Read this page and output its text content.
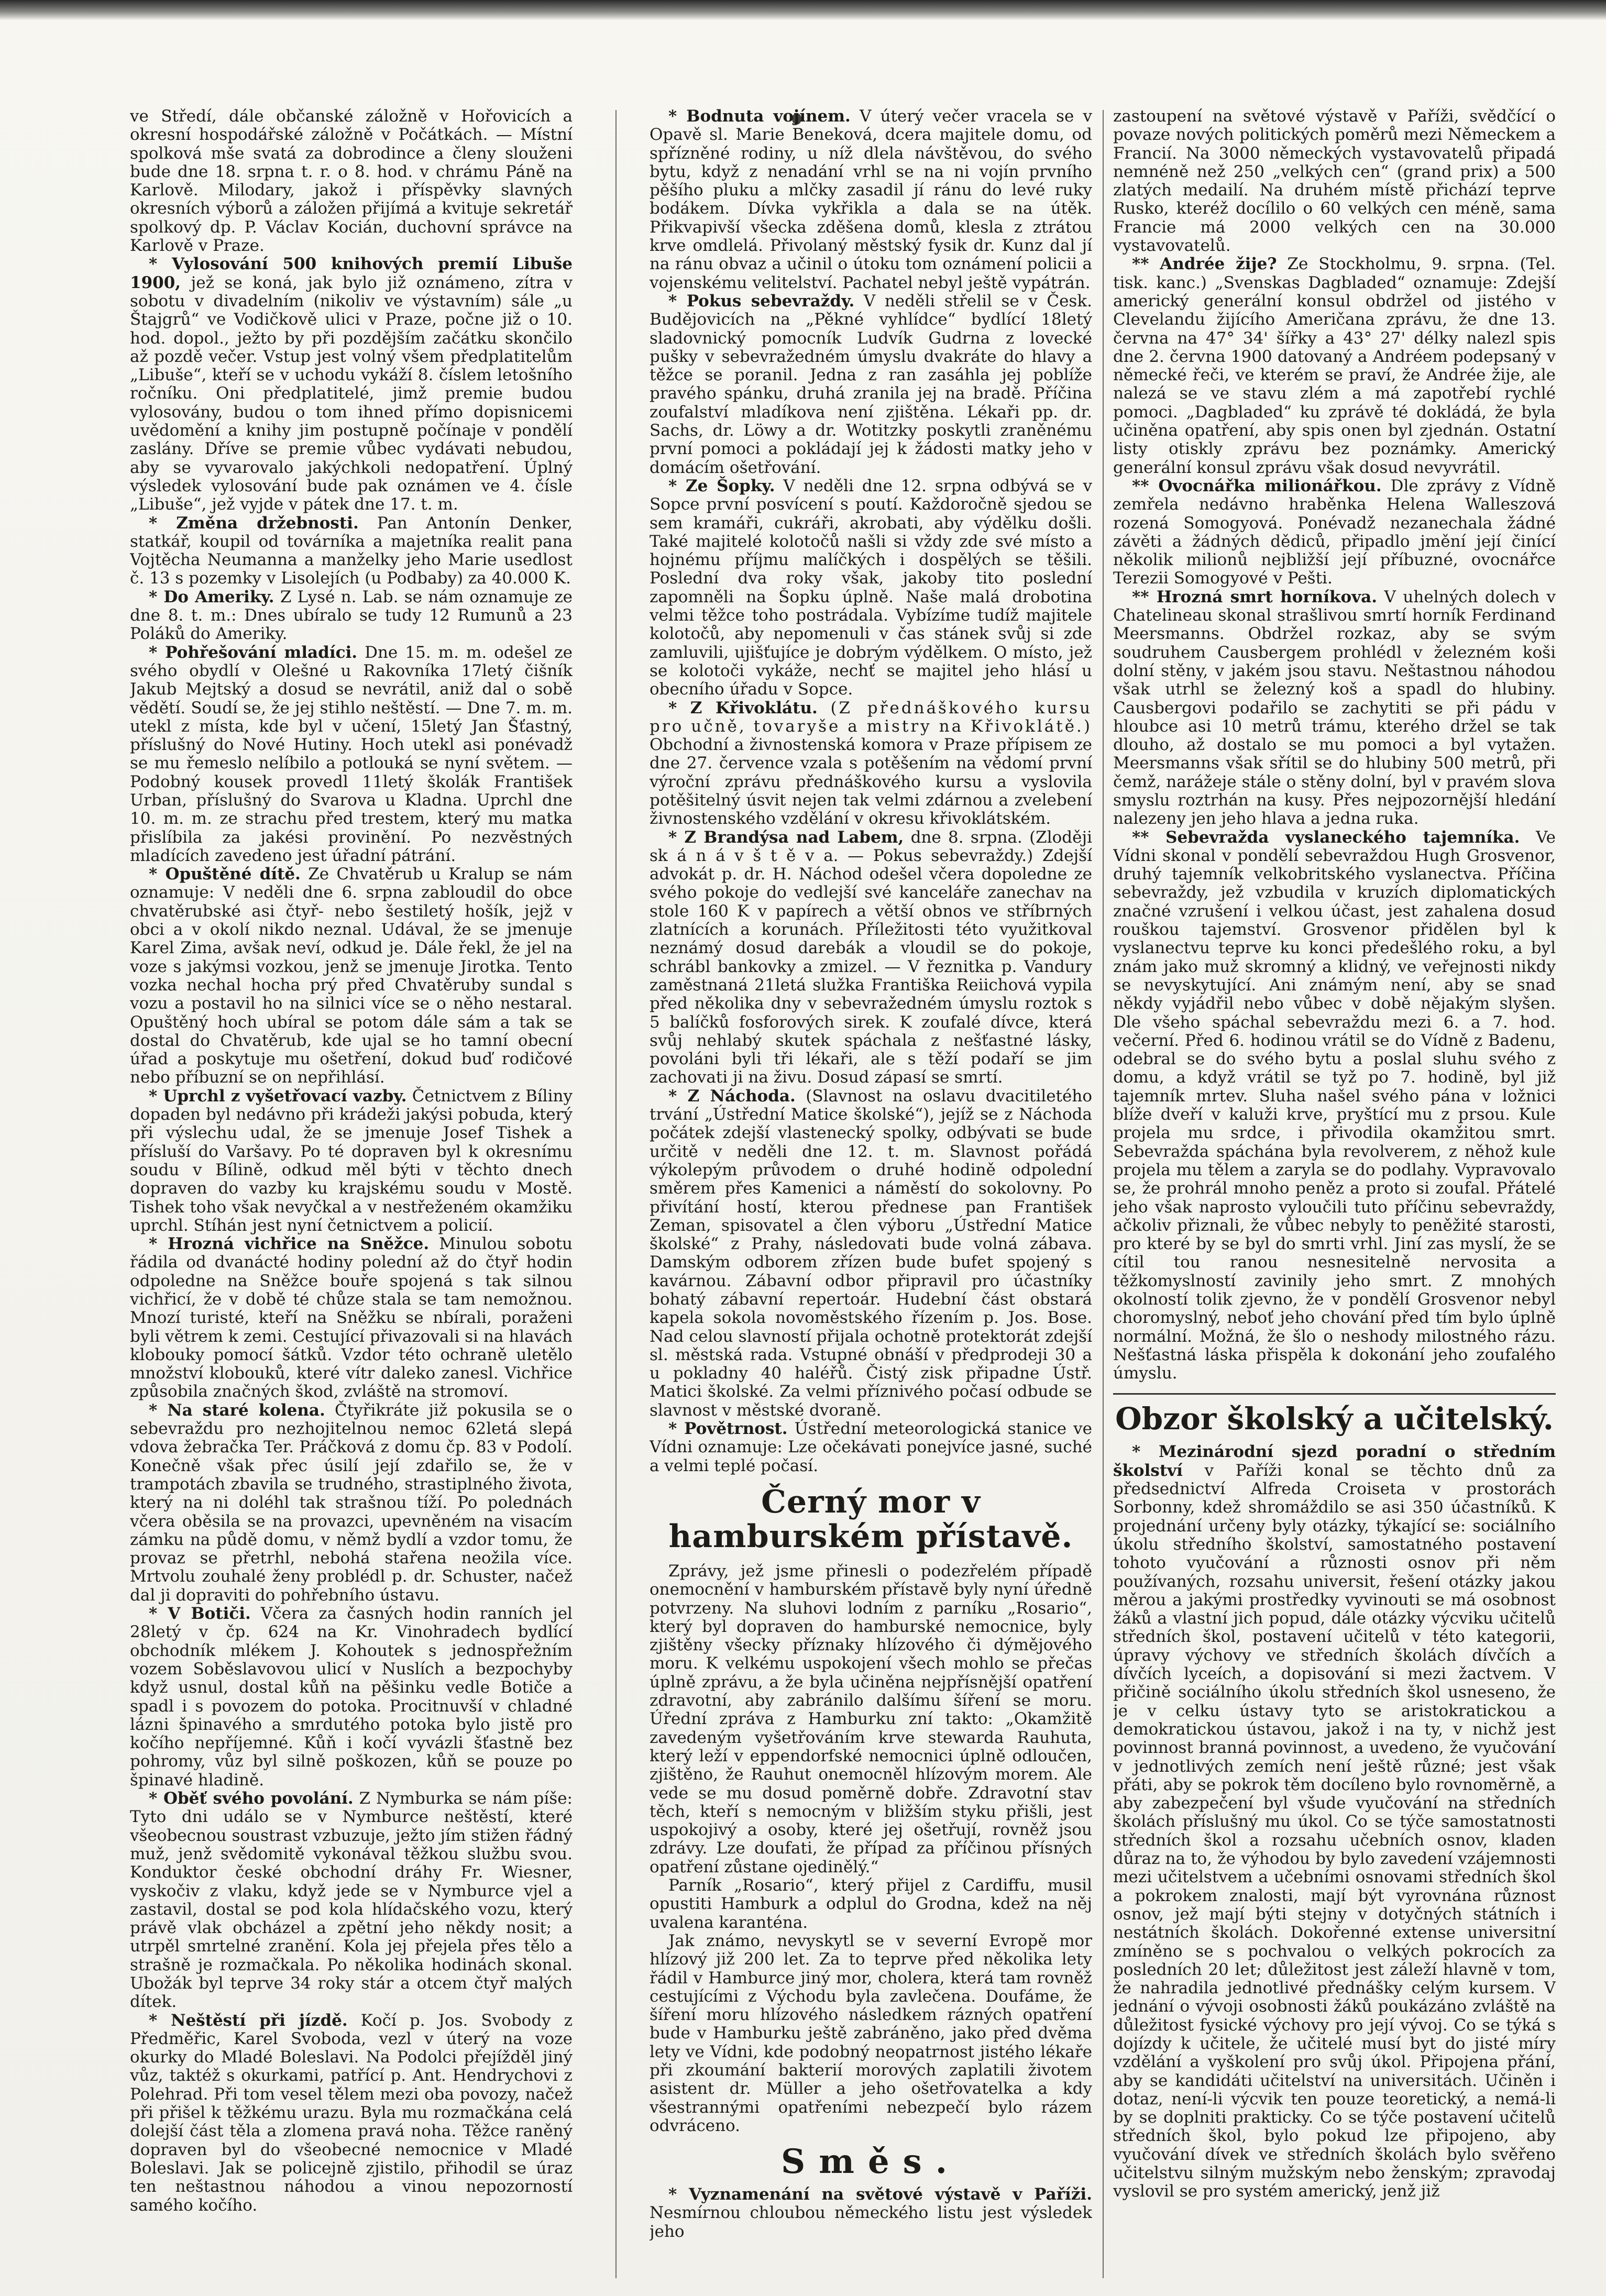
ve Středí, dále občanské záložně v Hořovicích a okresní hospodářské záložně v Počátkách. — Místní spolková mše svatá za dobrodince a členy slouženi bude dne 18. srpna t. r. o 8. hod. v chrámu Páně na Karlově. Milodary, jakož i příspěvky slavných okresních výborů a záložen přijímá a kvituje sekretář spolkový dp. P. Václav Kocián, duchovní správce na Karlově v Praze.

* Vylosování 500 knihových premií Libuše 1900, jež se koná, jak bylo již oznámeno, zítra v sobotu v divadelním (nikoliv ve výstavním) sále „u Štajgrů“ ve Vodičkově ulici v Praze, počne již o 10. hod. dopol., ježto by při pozdějším začátku skončilo až pozdě večer. Vstup jest volný všem předplatitelům „Libuše“, kteří se v uchodu vykáží 8. číslem letošního ročníku. Oni předplatitelé, jimž premie budou vylosovány, budou o tom ihned přímo dopisnicemi uvědomění a knihy jim postupně počínaje v pondělí zaslány. Dříve se premie vůbec vydávati nebudou, aby se vyvarovalo jakýchkoli nedopatření. Úplný výsledek vylosování bude pak oznámen ve 4. čísle „Libuše“, jež vyjde v pátek dne 17. t. m.

* Změna držebnosti. Pan Antonín Denker, statkář, koupil od továrníka a majetníka realit pana Vojtěcha Neumanna a manželky jeho Marie usedlost č. 13 s pozemky v Lisolejích (u Podbaby) za 40.000 K.

* Do Ameriky. Z Lysé n. Lab. se nám oznamuje ze dne 8. t. m.: Dnes ubíralo se tudy 12 Rumunů a 23 Poláků do Ameriky.

* Pohřešování mladíci. Dne 15. m. m. odešel ze svého obydlí v Olešné u Rakovníka 17letý čišník Jakub Mejtský a dosud se nevrátil, aniž dal o sobě vědětí. Soudí se, že jej stihlo neštěstí. — Dne 7. m. m. utekl z místa, kde byl v učení, 15letý Jan Šťastný, příslušný do Nové Hutiny. Hoch utekl asi ponévadž se mu řemeslo nelíbilo a potlouká se nyní světem. — Podobný kousek provedl 11letý školák František Urban, příslušný do Svarova u Kladna. Uprchl dne 10. m. m. ze strachu před trestem, který mu matka přislíbila za jakési provinění. Po nezvěstných mladících zavedeno jest úřadní pátrání.

* Opuštěné dítě. Ze Chvatěrub u Kralup se nám oznamuje: V neděli dne 6. srpna zabloudil do obce chvatěrubské asi čtyř- nebo šestiletý hošík, jejž v obci a v okolí nikdo neznal. Udával, že se jmenuje Karel Zima, avšak neví, odkud je. Dále řekl, že jel na voze s jakýmsi vozkou, jenž se jmenuje Jirotka. Tento vozka nechal hocha prý před Chvatěruby sundal s vozu a postavil ho na silnici více se o něho nestaral. Opuštěný hoch ubíral se potom dále sám a tak se dostal do Chvatěrub, kde ujal se ho tamní obecní úřad a poskytuje mu ošetření, dokud buď rodičové nebo příbuzní se on nepřihlásí.

* Uprchl z vyšetřovací vazby. Četnictvem z Bíliny dopaden byl nedávno při krádeži jakýsi pobuda, který při výslechu udal, že se jmenuje Josef Tishek a přísluší do Varšavy. Po té dopraven byl k okresnímu soudu v Bílině, odkud měl býti v těchto dnech dopraven do vazby ku krajskému soudu v Mostě. Tishek toho však nevyčkal a v nestřeženém okamžiku uprchl. Stíhán jest nyní četnictvem a policií.

* Hrozná vichřice na Sněžce. Minulou sobotu řádila od dvanácté hodiny polední až do čtyř hodin odpoledne na Sněžce bouře spojená s tak silnou vichřicí, že v době té chůze stala se tam nemožnou. Mnozí turisté, kteří na Sněžku se nbírali, poraženi byli větrem k zemi. Cestující přivazovali si na hlavách klobouky pomocí šátků. Vzdor této ochraně uletělo množství klobouků, které vítr daleko zanesl. Vichřice způsobila značných škod, zvláště na stromoví.

* Na staré kolena. Čtyřikráte již pokusila se o sebevraždu pro nezhojitelnou nemoc 62letá slepá vdova žebračka Ter. Práčková z domu čp. 83 v Podolí. Konečně však přec úsilí její zdařilo se, že v trampotách zbavila se trudného, strastiplného života, který na ni doléhl tak strašnou tíží. Po polednách včera oběsila se na provazci, upevněném na visacím zámku na půdě domu, v němž bydlí a vzdor tomu, že provaz se přetrhl, nebohá stařena neožila více. Mrtvolu zouhalé ženy problédl p. dr. Schuster, načež dal ji dopraviti do pohřebního ústavu.

* V Botiči. Včera za časných hodin ranních jel 28letý v čp. 624 na Kr. Vinohradech bydlící obchodník mlékem J. Kohoutek s jednospřežním vozem Soběslavovou ulicí v Nuslích a bezpochyby když usnul, dostal kůň na pěšinku vedle Botiče a spadl i s povozem do potoka. Procitnuvší v chladné lázni špinavého a smrdutého potoka bylo jistě pro kočího nepříjemné. Kůň i kočí vyvázli šťastně bez pohromy, vůz byl silně poškozen, kůň se pouze po špinavé hladině.

* Oběť svého povolání. Z Nymburka se nám píše: Tyto dni událo se v Nymburce neštěstí, které všeobecnou soustrast vzbuzuje, ježto jím stižen řádný muž, jenž svědomitě vykonával těžkou službu svou. Konduktor české obchodní dráhy Fr. Wiesner, vyskočiv z vlaku, když jede se v Nymburce vjel a zastavil, dostal se pod kola hlídačského vozu, který právě vlak obcházel a zpětní jeho někdy nosit; a utrpěl smrtelné zranění. Kola jej přejela přes tělo a strašně je rozmačkala. Po několika hodinách skonal. Ubožák byl teprve 34 roky stár a otcem čtyř malých dítek.

* Neštěstí při jízdě. Kočí p. Jos. Svobody z Předměřic, Karel Svoboda, vezl v úterý na voze okurky do Mladé Boleslavi. Na Podolci přejížděl jiný vůz, taktéž s okurkami, patřící p. Ant. Hendrychovi z Polehrad. Při tom vesel tělem mezi oba povozy, načež při přišel k těžkému urazu. Byla mu rozmačkána celá dolejší část těla a zlomena pravá noha. Těžce raněný dopraven byl do všeobecné nemocnice v Mladé Boleslavi. Jak se policejně zjistilo, přihodil se úraz ten neštastnou náhodou a vinou nepozorností samého kočího.

* Bodnuta vojínem. V úterý večer vracela se v Opavě sl. Marie Beneková, dcera majitele domu, od spřízněné rodiny, u níž dlela návštěvou, do svého bytu, když z nenadání vrhl se na ni vojín prvního pěšího pluku a mlčky zasadil jí ránu do levé ruky bodákem. Dívka vykřikla a dala se na útěk. Přikvapivší všecka zděšena domů, klesla z ztrátou krve omdlelá. Přivolaný městský fysik dr. Kunz dal jí na ránu obvaz a učinil o útoku tom oznámení policii a vojenskému velitelství. Pachatel nebyl ještě vypátrán.

* Pokus sebevraždy. V neděli střelil se v Česk. Budějovicích na „Pěkné vyhlídce“ bydlící 18letý sladovnický pomocník Ludvík Gudrna z lovecké pušky v sebevražedném úmyslu dvakráte do hlavy a těžce se poranil. Jedna z ran zasáhla jej poblíže pravého spánku, druhá zranila jej na bradě. Příčina zoufalství mladíkova není zjištěna. Lékaři pp. dr. Sachs, dr. Löwy a dr. Wotitzky poskytli zraněnému první pomoci a pokládají jej k žádosti matky jeho v domácím ošetřování.

* Ze Šopky. V neděli dne 12. srpna odbývá se v Sopce první posvícení s poutí. Každoročně sjedou se sem kramáři, cukráři, akrobati, aby výdělku došli. Také majitelé kolotočů našli si vždy zde své místo a hojnému příjmu malíčkých i dospělých se těšili. Poslední dva roky však, jakoby tito poslední zapomněli na Šopku úplně. Naše malá drobotina velmi těžce toho postrádala. Vybízíme tudíž majitele kolotočů, aby nepomenuli v čas stánek svůj si zde zamluvili, ujišťujíce je dobrým výdělkem. O místo, jež se kolotoči vykáže, nechť se majitel jeho hlásí u obecního úřadu v Sopce.

* Z Křivoklátu. (Z přednáškového kursu pro učně, tovaryše a mistry na Křivoklátě.) Obchodní a živnostenská komora v Praze přípisem ze dne 27. července vzala s potěšením na vědomí první výroční zprávu přednáškového kursu a vyslovila potěšitelný úsvit nejen tak velmi zdárnou a zvelebení živnostenského vzdělání v okresu křivoklátském.

* Z Brandýsa nad Labem, dne 8. srpna. (Zloději sk á n á v š t ě v a. — Pokus sebevraždy.) Zdejší advokát p. dr. H. Náchod odešel včera dopoledne ze svého pokoje do vedlejší své kanceláře zanechav na stole 160 K v papírech a větší obnos ve stříbrných zlatnících a korunách. Příležitosti této využitkoval neznámý dosud darebák a vloudil se do pokoje, schrábl bankovky a zmizel. — V řeznitka p. Vandury zaměstnaná 21letá služka Františka Reiichová vypila před několika dny v sebevražedném úmyslu roztok s 5 balíčků fosforových sirek. K zoufalé dívce, která svůj nehlabý skutek spáchala z nešťastné lásky, povoláni byli tři lékaři, ale s těží podaří se jim zachovati ji na živu. Dosud zápasí se smrtí.

* Z Náchoda. (Slavnost na oslavu dvacitiletého trvání „Ústřední Matice školské“), jejíž se z Náchoda počátek zdejší vlastenecký spolky, odbývati se bude určitě v neděli dne 12. t. m. Slavnost pořádá výkolepým průvodem o druhé hodině odpolední směrem přes Kamenici a náměstí do sokolovny. Po přivítání hostí, kterou přednese pan František Zeman, spisovatel a člen výboru „Ústřední Matice školské“ z Prahy, následovati bude volná zábava. Damským odborem zřízen bude bufet spojený s kavárnou. Zábavní odbor připravil pro účastníky bohatý zábavní repertoár. Hudební část obstará kapela sokola novoměstského řízením p. Jos. Bose. Nad celou slavností přijala ochotně protektorát zdejší sl. městská rada. Vstupné obnáší v předprodeji 30 a u pokladny 40 haléřů. Čistý zisk připadne Ústř. Matici školské. Za velmi příznivého počasí odbude se slavnost v městské dvoraně.

* Povětrnost. Ústřední meteorologická stanice ve Vídni oznamuje: Lze očekávati ponejvíce jasné, suché a velmi teplé počasí.

Černý mor v hamburském přístavě.

Zprávy, jež jsme přinesli o podezřelém případě onemocnění v hamburském přístavě byly nyní úředně potvrzeny. Na sluhovi lodním z parníku „Rosario“, který byl dopraven do hamburské nemocnice, byly zjištěny všecky příznaky hlízového či dýmějového moru. K velkému uspokojení všech mohlo se přečas úplně zprávu, a že byla učiněna nejpřísnější opatření zdravotní, aby zabránilo dalšímu šíření se moru. Úřední zpráva z Hamburku zní takto: „Okamžitě zavedeným vyšetřováním krve stewarda Rauhuta, který leží v eppendorfské nemocnici úplně odloučen, zjištěno, že Rauhut onemocněl hlízovým morem. Ale vede se mu dosud poměrně dobře. Zdravotní stav těch, kteří s nemocným v bližším styku přišli, jest uspokojivý a osoby, které jej ošetřují, rovněž jsou zdrávy. Lze doufati, že případ za příčinou přísných opatření zůstane ojedinělý.“

Parník „Rosario“, který přijel z Cardiffu, musil opustiti Hamburk a odplul do Grodna, kdež na něj uvalena karanténa.

Jak známo, nevyskytl se v severní Evropě mor hlízový již 200 let. Za to teprve před několika lety řádil v Hamburce jiný mor, cholera, která tam rovněž cestujícími z Východu byla zavlečena. Doufáme, že šíření moru hlízového následkem rázných opatření bude v Hamburku ještě zabráněno, jako před dvěma lety ve Vídni, kde podobný neopatrnost jistého lékaře při zkoumání bakterií morových zaplatili životem asistent dr. Müller a jeho ošetřovatelka a kdy všestrannými opatřeními nebezpečí bylo rázem odvráceno.

Směs.

* Vyznamenání na světové výstavě v Paříži. Nesmírnou chloubou německého listu jest výsledek jeho

zastoupení na světové výstavě v Paříži, svědčící o povaze nových politických poměrů mezi Německem a Francií. Na 3000 německých vystavovatelů připadá nemnéně než 250 „velkých cen“ (grand prix) a 500 zlatých medailí. Na druhém místě přichází teprve Rusko, kteréž docílilo o 60 velkých cen méně, sama Francie má 2000 velkých cen na 30.000 vystavovatelů.

** Andrée žije? Ze Stockholmu, 9. srpna. (Tel. tisk. kanc.) „Svenskas Dagbladed“ oznamuje: Zdejší americký generální konsul obdržel od jistého v Clevelandu žijícího Američana zprávu, že dne 13. června na 47° 34' šířky a 43° 27' délky nalezl spis dne 2. června 1900 datovaný a Andréem podepsaný v německé řeči, ve kterém se praví, že Andrée žije, ale nalezá se ve stavu zlém a má zapotřebí rychlé pomoci. „Dagbladed“ ku zprávě té dokládá, že byla učiněna opatření, aby spis onen byl zjednán. Ostatní listy otiskly zprávu bez poznámky. Americký generální konsul zprávu však dosud nevyvrátil.

** Ovocnářka milionářkou. Dle zprávy z Vídně zemřela nedávno hraběnka Helena Walleszová rozená Somogyová. Ponévadž nezanechala žádné závěti a žádných dědiců, připadlo jmění její činící několik milionů nejbližší její příbuzné, ovocnářce Terezii Somogyové v Pešti.

** Hrozná smrt horníkova. V uhelných dolech v Chatelineau skonal strašlivou smrtí horník Ferdinand Meersmanns. Obdržel rozkaz, aby se svým soudruhem Causbergem prohlédl v železném koši dolní stěny, v jakém jsou stavu. Neštastnou náhodou však utrhl se železný koš a spadl do hlubiny. Causbergovi podařilo se zachytiti se při pádu v hloubce asi 10 metrů trámu, kterého držel se tak dlouho, až dostalo se mu pomoci a byl vytažen. Meersmanns však sřítil se do hlubiny 500 metrů, při čemž, narážeje stále o stěny dolní, byl v pravém slova smyslu roztrhán na kusy. Přes nejpozornější hledání nalezeny jen jeho hlava a jedna ruka.

** Sebevražda vyslaneckého tajemníka. Ve Vídni skonal v pondělí sebevraždou Hugh Grosvenor, druhý tajemník velkobritského vyslanectva. Příčina sebevraždy, jež vzbudila v kruzích diplomatických značné vzrušení i velkou účast, jest zahalena dosud rouškou tajemství. Grosvenor přidělen byl k vyslanectvu teprve ku konci předešlého roku, a byl znám jako muž skromný a klidný, ve veřejnosti nikdy se nevyskytující. Ani známým není, aby se snad někdy vyjádřil nebo vůbec v době nějakým slyšen. Dle všeho spáchal sebevraždu mezi 6. a 7. hod. večerní. Před 6. hodinou vrátil se do Vídně z Badenu, odebral se do svého bytu a poslal sluhu svého z domu, a když vrátil se tyž po 7. hodině, byl již tajemník mrtev. Sluha našel svého pána v ložnici blíže dveří v kaluži krve, pryštící mu z prsou. Kule projela mu srdce, i přivodila okamžitou smrt. Sebevražda spáchána byla revolverem, z něhož kule projela mu tělem a zaryla se do podlahy. Vypravovalo se, že prohrál mnoho peněz a proto si zoufal. Přátelé jeho však naprosto vyloučili tuto příčinu sebevraždy, ačkoliv přiznali, že vůbec nebyly to peněžité starosti, pro které by se byl do smrti vrhl. Jiní zas myslí, že se cítil tou ranou nesnesitelně nervosita a těžkomyslností zavinily jeho smrt. Z mnohých okolností tolik zjevno, že v pondělí Grosvenor nebyl choromyslný, neboť jeho chování před tím bylo úplně normální. Možná, že šlo o neshody milostného rázu. Nešťastná láska přispěla k dokonání jeho zoufalého úmyslu.

Obzor školský a učitelský.

* Mezinárodní sjezd poradní o středním školství v Paříži konal se těchto dnů za předsednictví Alfreda Croiseta v prostorách Sorbonny, kdež shromáždilo se asi 350 účastníků. K projednání určeny byly otázky, týkající se: sociálního úkolu středního školství, samostatného postavení tohoto vyučování a různosti osnov při něm používaných, rozsahu universit, řešení otázky jakou měrou a jakými prostředky vyvinouti se má osobnost žáků a vlastní jich popud, dále otázky výcviku učitelů středních škol, postavení učitelů v této kategorii, úpravy výchovy ve středních školách dívčích a dívčích lyceích, a dopisování si mezi žactvem. V přičině sociálního úkolu středních škol usneseno, že je v celku ústavy tyto se aristokratickou a demokratickou ústavou, jakož i na ty, v nichž jest povinnost branná povinnost, a uvedeno, že vyučování v jednotlivých zemích není ještě různé; jest však přáti, aby se pokrok těm docíleno bylo rovnoměrně, a aby zabezpečení byl všude vyučování na středních školách příslušný mu úkol. Co se týče samostatnosti středních škol a rozsahu učebních osnov, kladen důraz na to, že výhodou by bylo zavedení vzájemnosti mezi učitelstvem a učebními osnovami středních škol a pokrokem znalosti, mají být vyrovnána různost osnov, jež mají býti stejny v dotyčných státních i nestátních školách. Dokořenné extense universitní zmíněno se s pochvalou o velkých pokrocích za posledních 20 let; důležitost jest záleží hlavně v tom, že nahradila jednotlivé přednášky celým kursem. V jednání o vývoji osobnosti žáků poukázáno zvláště na důležitost fysické výchovy pro její vývoj. Co se týká s dojízdy k učitele, že učitelé musí byt do jisté míry vzdělání a vyškolení pro svůj úkol. Připojena přání, aby se kandidáti učitelství na universitách. Učiněn i dotaz, není-li výcvik ten pouze teoretický, a nemá-li by se doplniti prakticky. Co se týče postavení učitelů středních škol, bylo pokud lze připojeno, aby vyučování dívek ve středních školách bylo svěřeno učitelstvu silným mužským nebo ženským; zpravodaj vyslovil se pro systém americký, jenž již
